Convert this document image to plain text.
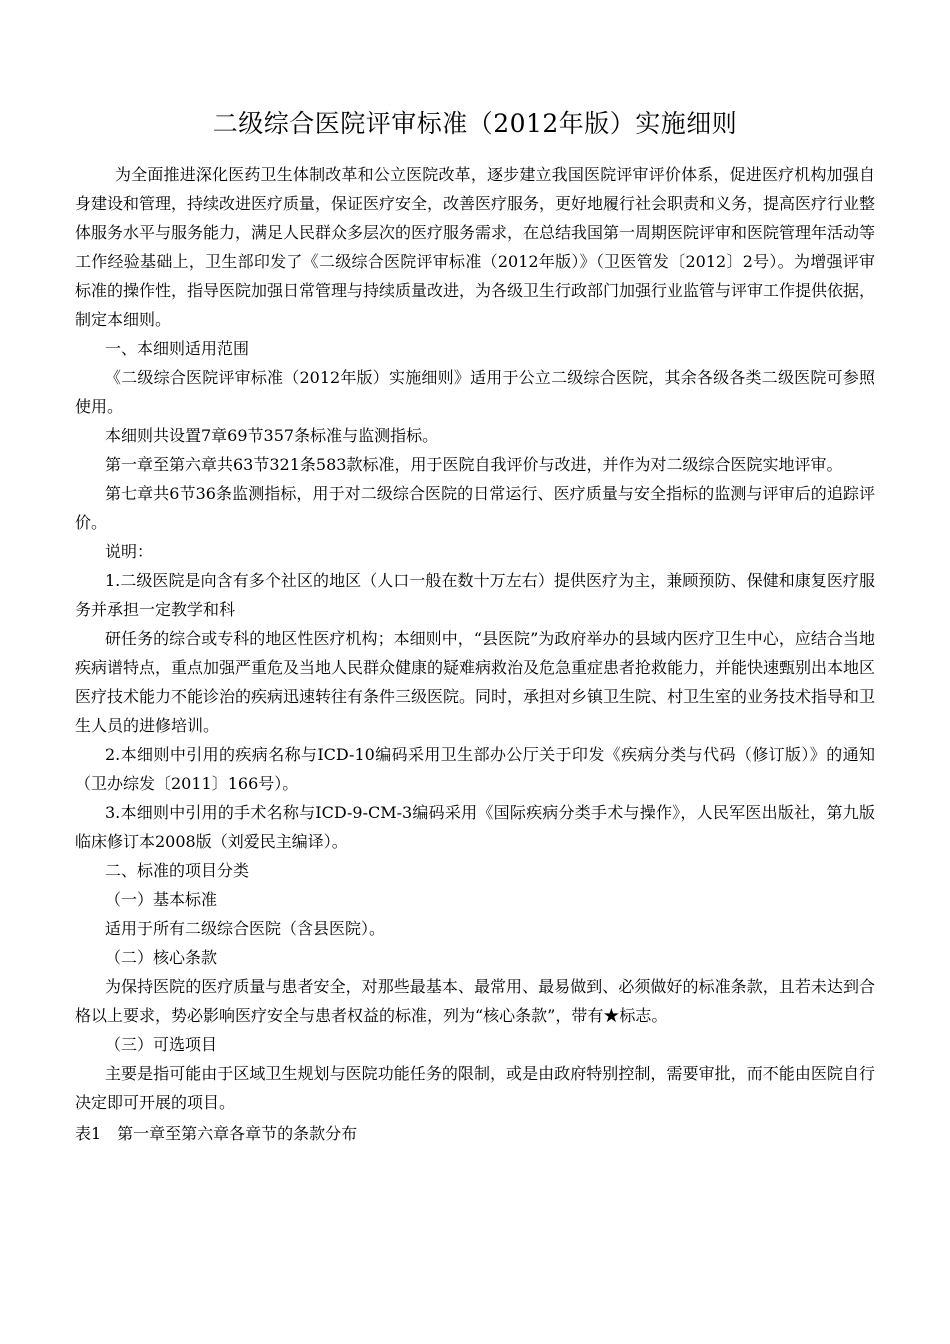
二级综合医院评审标准（2012年版）实施细则

为全面推进深化医药卫生体制改革和公立医院改革，逐步建立我国医院评审评价体系，促进医疗机构加强自身建设和管理，持续改进医疗质量，保证医疗安全，改善医疗服务，更好地履行社会职责和义务，提高医疗行业整体服务水平与服务能力，满足人民群众多层次的医疗服务需求，在总结我国第一周期医院评审和医院管理年活动等工作经验基础上，卫生部印发了《二级综合医院评审标准（2012年版）》（卫医管发〔2012〕2号）。为增强评审标准的操作性，指导医院加强日常管理与持续质量改进，为各级卫生行政部门加强行业监管与评审工作提供依据，制定本细则。

一、本细则适用范围

《二级综合医院评审标准（2012年版）实施细则》适用于公立二级综合医院，其余各级各类二级医院可参照使用。

本细则共设置7章69节357条标准与监测指标。

第一章至第六章共63节321条583款标准，用于医院自我评价与改进，并作为对二级综合医院实地评审。

第七章共6节36条监测指标，用于对二级综合医院的日常运行、医疗质量与安全指标的监测与评审后的追踪评价。

说明：

1.二级医院是向含有多个社区的地区（人口一般在数十万左右）提供医疗为主，兼顾预防、保健和康复医疗服务并承担一定教学和科

研任务的综合或专科的地区性医疗机构；本细则中，“县医院”为政府举办的县域内医疗卫生中心，应结合当地疾病谱特点，重点加强严重危及当地人民群众健康的疑难病救治及危急重症患者抢救能力，并能快速甄别出本地区医疗技术能力不能诊治的疾病迅速转往有条件三级医院。同时，承担对乡镇卫生院、村卫生室的业务技术指导和卫生人员的进修培训。

2.本细则中引用的疾病名称与ICD-10编码采用卫生部办公厅关于印发《疾病分类与代码（修订版）》的通知（卫办综发〔2011〕166号）。

3.本细则中引用的手术名称与ICD-9-CM-3编码采用《国际疾病分类手术与操作》，人民军医出版社，第九版临床修订本2008版（刘爱民主编译）。

二、标准的项目分类

（一）基本标准

适用于所有二级综合医院（含县医院）。

（二）核心条款

为保持医院的医疗质量与患者安全，对那些最基本、最常用、最易做到、必须做好的标准条款，且若未达到合格以上要求，势必影响医疗安全与患者权益的标准，列为“核心条款”，带有★标志。

（三）可选项目

主要是指可能由于区域卫生规划与医院功能任务的限制，或是由政府特别控制，需要审批，而不能由医院自行决定即可开展的项目。

表1　第一章至第六章各章节的条款分布
